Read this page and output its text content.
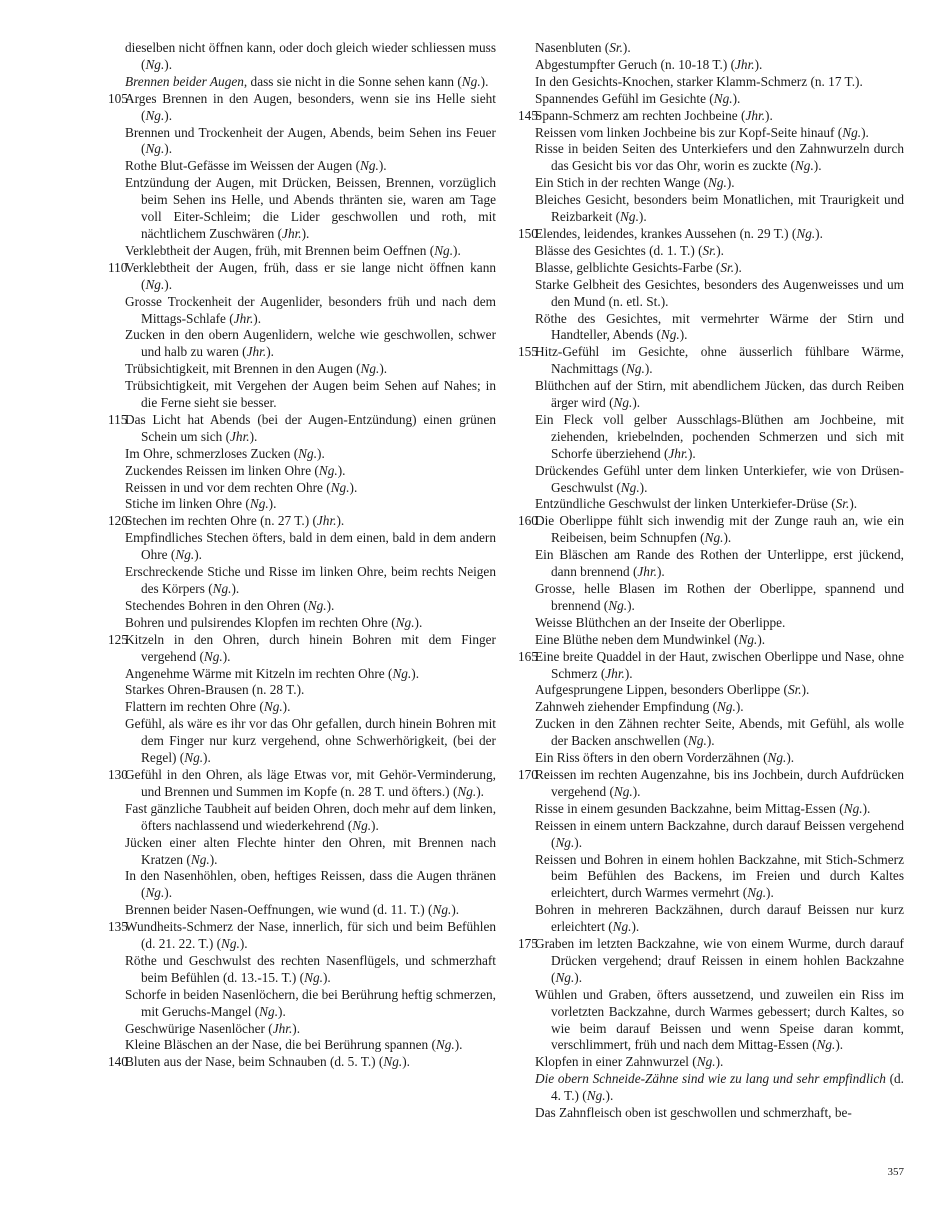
dieselben nicht öffnen kann, oder doch gleich wieder schliessen muss (Ng.).
Brennen beider Augen, dass sie nicht in die Sonne sehen kann (Ng.).
105
Arges Brennen in den Augen, besonders, wenn sie ins Helle sieht (Ng.).
Brennen und Trockenheit der Augen, Abends, beim Sehen ins Feuer (Ng.).
Rothe Blut-Gefässe im Weissen der Augen (Ng.).
Entzündung der Augen, mit Drücken, Beissen, Brennen, vorzüglich beim Sehen ins Helle, und Abends thränten sie, waren am Tage voll Eiter-Schleim; die Lider geschwollen und roth, mit nächtlichem Zuschwären (Jhr.).
Verklebtheit der Augen, früh, mit Brennen beim Oeffnen (Ng.).
110
Verklebtheit der Augen, früh, dass er sie lange nicht öffnen kann (Ng.).
Grosse Trockenheit der Augenlider, besonders früh und nach dem Mittags-Schlafe (Jhr.).
Zucken in den obern Augenlidern, welche wie geschwollen, schwer und halb zu waren (Jhr.).
Trübsichtigkeit, mit Brennen in den Augen (Ng.).
Trübsichtigkeit, mit Vergehen der Augen beim Sehen auf Nahes; in die Ferne sieht sie besser.
115
Das Licht hat Abends (bei der Augen-Entzündung) einen grünen Schein um sich (Jhr.).
Im Ohre, schmerzloses Zucken (Ng.).
Zuckendes Reissen im linken Ohre (Ng.).
Reissen in und vor dem rechten Ohre (Ng.).
Stiche im linken Ohre (Ng.).
120
Stechen im rechten Ohre (n. 27 T.) (Jhr.).
Empfindliches Stechen öfters, bald in dem einen, bald in dem andern Ohre (Ng.).
Erschreckende Stiche und Risse im linken Ohre, beim rechts Neigen des Körpers (Ng.).
Stechendes Bohren in den Ohren (Ng.).
Bohren und pulsirendes Klopfen im rechten Ohre (Ng.).
125
Kitzeln in den Ohren, durch hinein Bohren mit dem Finger vergehend (Ng.).
Angenehme Wärme mit Kitzeln im rechten Ohre (Ng.).
Starkes Ohren-Brausen (n. 28 T.).
Flattern im rechten Ohre (Ng.).
Gefühl, als wäre es ihr vor das Ohr gefallen, durch hinein Bohren mit dem Finger nur kurz vergehend, ohne Schwerhörigkeit, (bei der Regel) (Ng.).
130
Gefühl in den Ohren, als läge Etwas vor, mit Gehör-Verminderung, und Brennen und Summen im Kopfe (n. 28 T. und öfters.) (Ng.).
Fast gänzliche Taubheit auf beiden Ohren, doch mehr auf dem linken, öfters nachlassend und wiederkehrend (Ng.).
Jücken einer alten Flechte hinter den Ohren, mit Brennen nach Kratzen (Ng.).
In den Nasenhöhlen, oben, heftiges Reissen, dass die Augen thränen (Ng.).
Brennen beider Nasen-Oeffnungen, wie wund (d. 11. T.) (Ng.).
135
Wundheits-Schmerz der Nase, innerlich, für sich und beim Befühlen (d. 21. 22. T.) (Ng.).
Röthe und Geschwulst des rechten Nasenflügels, und schmerzhaft beim Befühlen (d. 13.-15. T.) (Ng.).
Schorfe in beiden Nasenlöchern, die bei Berührung heftig schmerzen, mit Geruchs-Mangel (Ng.).
Geschwürige Nasenlöcher (Jhr.).
Kleine Bläschen an der Nase, die bei Berührung spannen (Ng.).
140
Bluten aus der Nase, beim Schnauben (d. 5. T.) (Ng.).
Nasenbluten (Sr.).
Abgestumpfter Geruch (n. 10-18 T.) (Jhr.).
In den Gesichts-Knochen, starker Klamm-Schmerz (n. 17 T.).
Spannendes Gefühl im Gesichte (Ng.).
145
Spann-Schmerz am rechten Jochbeine (Jhr.).
Reissen vom linken Jochbeine bis zur Kopf-Seite hinauf (Ng.).
Risse in beiden Seiten des Unterkiefers und den Zahnwurzeln durch das Gesicht bis vor das Ohr, worin es zuckte (Ng.).
Ein Stich in der rechten Wange (Ng.).
Bleiches Gesicht, besonders beim Monatlichen, mit Traurigkeit und Reizbarkeit (Ng.).
150
Elendes, leidendes, krankes Aussehen (n. 29 T.) (Ng.).
Blässe des Gesichtes (d. 1. T.) (Sr.).
Blasse, gelblichte Gesichts-Farbe (Sr.).
Starke Gelbheit des Gesichtes, besonders des Augenweisses und um den Mund (n. etl. St.).
Röthe des Gesichtes, mit vermehrter Wärme der Stirn und Handteller, Abends (Ng.).
155
Hitz-Gefühl im Gesichte, ohne äusserlich fühlbare Wärme, Nachmittags (Ng.).
Blüthchen auf der Stirn, mit abendlichem Jücken, das durch Reiben ärger wird (Ng.).
Ein Fleck voll gelber Ausschlags-Blüthen am Jochbeine, mit ziehenden, kriebelnden, pochenden Schmerzen und sich mit Schorfe überziehend (Jhr.).
Drückendes Gefühl unter dem linken Unterkiefer, wie von Drüsen-Geschwulst (Ng.).
Entzündliche Geschwulst der linken Unterkiefer-Drüse (Sr.).
160
Die Oberlippe fühlt sich inwendig mit der Zunge rauh an, wie ein Reibeisen, beim Schnupfen (Ng.).
Ein Bläschen am Rande des Rothen der Unterlippe, erst jückend, dann brennend (Jhr.).
Grosse, helle Blasen im Rothen der Oberlippe, spannend und brennend (Ng.).
Weisse Blüthchen an der Inseite der Oberlippe.
Eine Blüthe neben dem Mundwinkel (Ng.).
165
Eine breite Quaddel in der Haut, zwischen Oberlippe und Nase, ohne Schmerz (Jhr.).
Aufgesprungene Lippen, besonders Oberlippe (Sr.).
Zahnweh ziehender Empfindung (Ng.).
Zucken in den Zähnen rechter Seite, Abends, mit Gefühl, als wolle der Backen anschwellen (Ng.).
Ein Riss öfters in den obern Vorderzähnen (Ng.).
170
Reissen im rechten Augenzahne, bis ins Jochbein, durch Aufdrücken vergehend (Ng.).
Risse in einem gesunden Backzahne, beim Mittag-Essen (Ng.).
Reissen in einem untern Backzahne, durch darauf Beissen vergehend (Ng.).
Reissen und Bohren in einem hohlen Backzahne, mit Stich-Schmerz beim Befühlen des Backens, im Freien und durch Kaltes erleichtert, durch Warmes vermehrt (Ng.).
Bohren in mehreren Backzähnen, durch darauf Beissen nur kurz erleichtert (Ng.).
175
Graben im letzten Backzahne, wie von einem Wurme, durch darauf Drücken vergehend; drauf Reissen in einem hohlen Backzahne (Ng.).
Wühlen und Graben, öfters aussetzend, und zuweilen ein Riss im vorletzten Backzahne, durch Warmes gebessert; durch Kaltes, so wie beim darauf Beissen und wenn Speise daran kommt, verschlimmert, früh und nach dem Mittag-Essen (Ng.).
Klopfen in einer Zahnwurzel (Ng.).
Die obern Schneide-Zähne sind wie zu lang und sehr empfindlich (d. 4. T.) (Ng.).
Das Zahnfleisch oben ist geschwollen und schmerzhaft, be-
357
